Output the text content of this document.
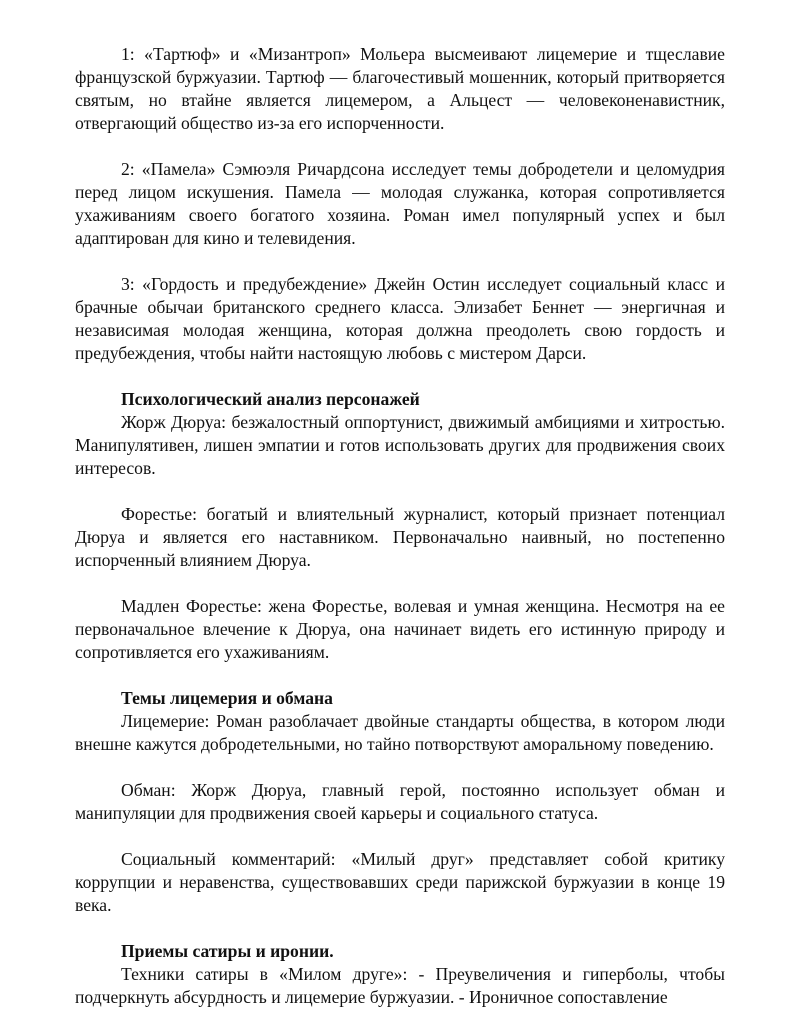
1: «Тартюф» и «Мизантроп» Мольера высмеивают лицемерие и тщеславие французской буржуазии. Тартюф — благочестивый мошенник, который притворяется святым, но втайне является лицемером, а Альцест — человеконенавистник, отвергающий общество из-за его испорченности.

2: «Памела» Сэмюэля Ричардсона исследует темы добродетели и целомудрия перед лицом искушения. Памела — молодая служанка, которая сопротивляется ухаживаниям своего богатого хозяина. Роман имел популярный успех и был адаптирован для кино и телевидения.

3: «Гордость и предубеждение» Джейн Остин исследует социальный класс и брачные обычаи британского среднего класса. Элизабет Беннет — энергичная и независимая молодая женщина, которая должна преодолеть свою гордость и предубеждения, чтобы найти настоящую любовь с мистером Дарси.

Психологический анализ персонажей

Жорж Дюруа: безжалостный оппортунист, движимый амбициями и хитростью. Манипулятивен, лишен эмпатии и готов использовать других для продвижения своих интересов.

Форестье: богатый и влиятельный журналист, который признает потенциал Дюруа и является его наставником. Первоначально наивный, но постепенно испорченный влиянием Дюруа.

Мадлен Форестье: жена Форестье, волевая и умная женщина. Несмотря на ее первоначальное влечение к Дюруа, она начинает видеть его истинную природу и сопротивляется его ухаживаниям.

Темы лицемерия и обмана

Лицемерие: Роман разоблачает двойные стандарты общества, в котором люди внешне кажутся добродетельными, но тайно потворствуют аморальному поведению.

Обман: Жорж Дюруа, главный герой, постоянно использует обман и манипуляции для продвижения своей карьеры и социального статуса.

Социальный комментарий: «Милый друг» представляет собой критику коррупции и неравенства, существовавших среди парижской буржуазии в конце 19 века.

Приемы сатиры и иронии.

Техники сатиры в «Милом друге»: - Преувеличения и гиперболы, чтобы подчеркнуть абсурдность и лицемерие буржуазии. - Ироничное сопоставление
